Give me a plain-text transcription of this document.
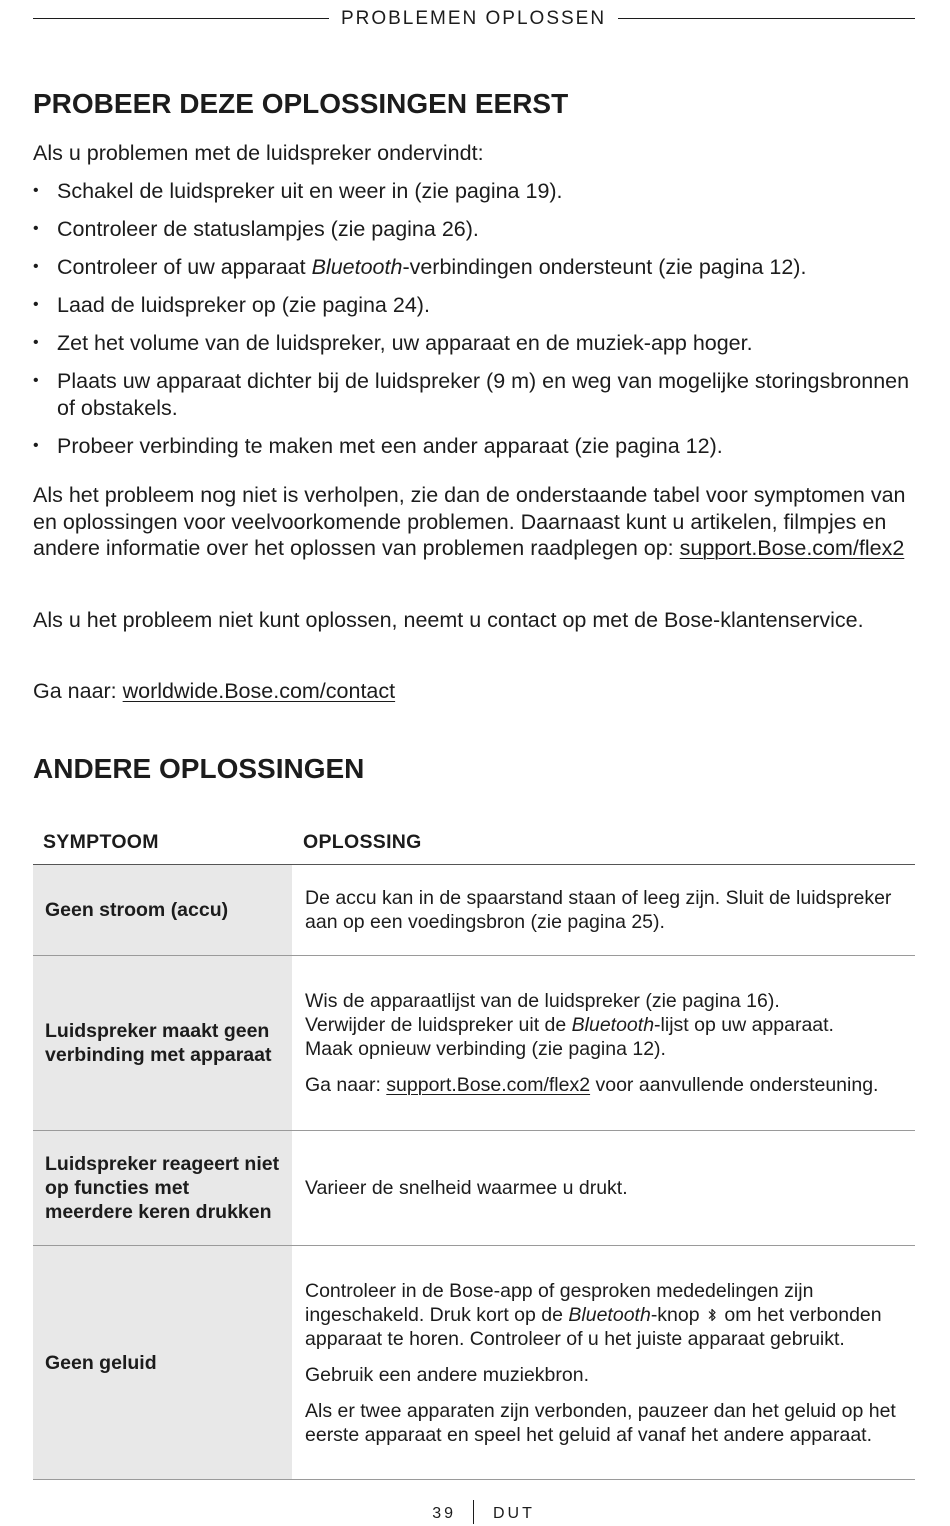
PROBLEMEN OPLOSSEN
PROBEER DEZE OPLOSSINGEN EERST
Als u problemen met de luidspreker ondervindt:
• Schakel de luidspreker uit en weer in (zie pagina 19).
• Controleer de statuslampjes (zie pagina 26).
• Controleer of uw apparaat Bluetooth-verbindingen ondersteunt (zie pagina 12).
• Laad de luidspreker op (zie pagina 24).
• Zet het volume van de luidspreker, uw apparaat en de muziek-app hoger.
• Plaats uw apparaat dichter bij de luidspreker (9 m) en weg van mogelijke storingsbronnen of obstakels.
• Probeer verbinding te maken met een ander apparaat (zie pagina 12).

Als het probleem nog niet is verholpen, zie dan de onderstaande tabel voor symptomen van en oplossingen voor veelvoorkomende problemen. Daarnaast kunt u artikelen, filmpjes en andere informatie over het oplossen van problemen raadplegen op: support.Bose.com/flex2

Als u het probleem niet kunt oplossen, neemt u contact op met de Bose-klantenservice.

Ga naar: worldwide.Bose.com/contact

ANDERE OPLOSSINGEN
SYMPTOOM	OPLOSSING
Geen stroom (accu)

De accu kan in de spaarstand staan of leeg zijn. Sluit de luidspreker aan op een voedingsbron (zie pagina 25).

Luidspreker maakt geen verbinding met apparaat

Wis de apparaatlijst van de luidspreker (zie pagina 16).
Verwijder de luidspreker uit de Bluetooth-lijst op uw apparaat.
Maak opnieuw verbinding (zie pagina 12).

Ga naar: support.Bose.com/flex2 voor aanvullende ondersteuning.

Luidspreker reageert niet op functies met meerdere keren drukken

Varieer de snelheid waarmee u drukt.

Geen geluid

Controleer in de Bose-app of gesproken mededelingen zijn ingeschakeld. Druk kort op de Bluetooth-knop  om het verbonden apparaat te horen. Controleer of u het juiste apparaat gebruikt.

Gebruik een andere muziekbron.

Als er twee apparaten zijn verbonden, pauzeer dan het geluid op het eerste apparaat en speel het geluid af vanaf het andere apparaat.

39 DUT
